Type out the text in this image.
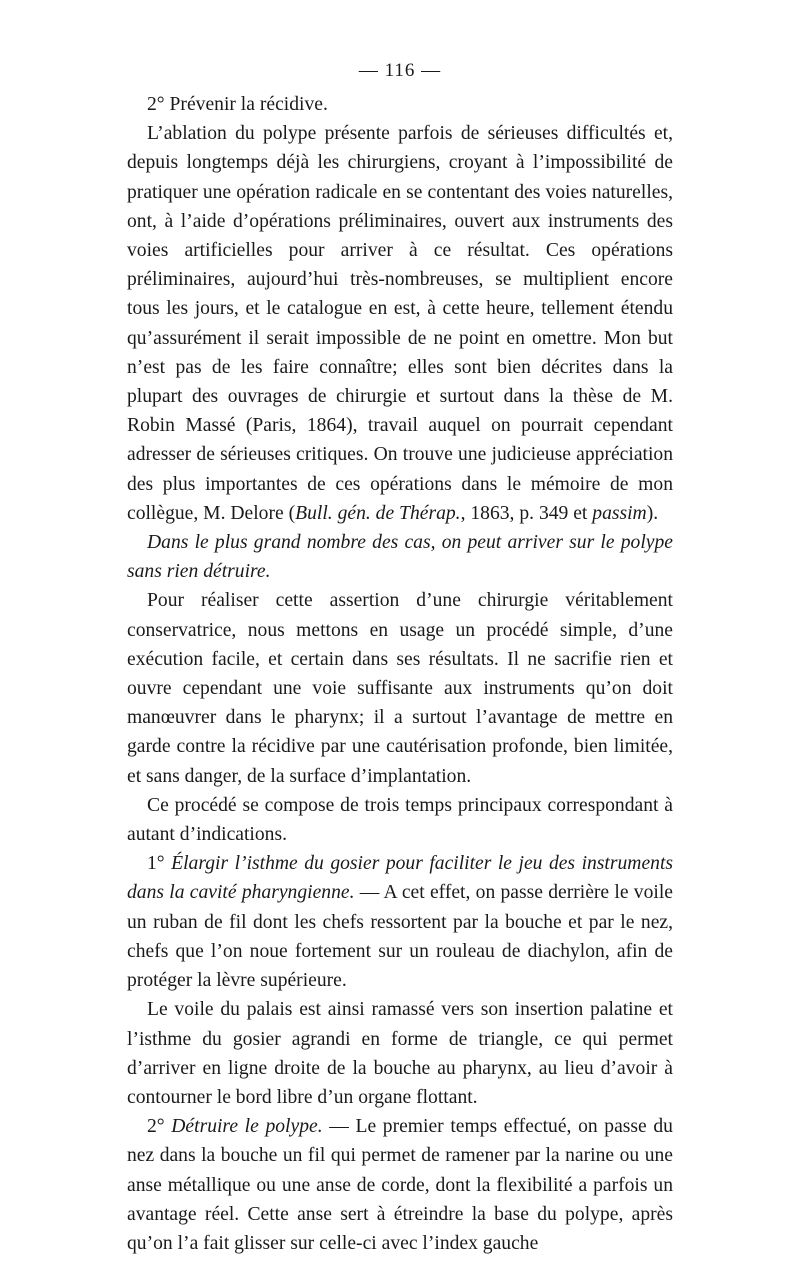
— 116 —

2° Prévenir la récidive.

L’ablation du polype présente parfois de sérieuses difficultés et, depuis longtemps déjà les chirurgiens, croyant à l’impossibilité de pratiquer une opération radicale en se contentant des voies naturelles, ont, à l’aide d’opérations préliminaires, ouvert aux instruments des voies artificielles pour arriver à ce résultat. Ces opérations préliminaires, aujourd’hui très-nombreuses, se multiplient encore tous les jours, et le catalogue en est, à cette heure, tellement étendu qu’assurément il serait impossible de ne point en omettre. Mon but n’est pas de les faire connaître; elles sont bien décrites dans la plupart des ouvrages de chirurgie et surtout dans la thèse de M. Robin Massé (Paris, 1864), travail auquel on pourrait cependant adresser de sérieuses critiques. On trouve une judicieuse appréciation des plus importantes de ces opérations dans le mémoire de mon collègue, M. Delore (Bull. gén. de Thérap., 1863, p. 349 et passim).

Dans le plus grand nombre des cas, on peut arriver sur le polype sans rien détruire.

Pour réaliser cette assertion d’une chirurgie véritablement conservatrice, nous mettons en usage un procédé simple, d’une exécution facile, et certain dans ses résultats. Il ne sacrifie rien et ouvre cependant une voie suffisante aux instruments qu’on doit manœuvrer dans le pharynx; il a surtout l’avantage de mettre en garde contre la récidive par une cautérisation profonde, bien limitée, et sans danger, de la surface d’implantation.

Ce procédé se compose de trois temps principaux correspondant à autant d’indications.

1° Élargir l’isthme du gosier pour faciliter le jeu des instruments dans la cavité pharyngienne. — A cet effet, on passe derrière le voile un ruban de fil dont les chefs ressortent par la bouche et par le nez, chefs que l’on noue fortement sur un rouleau de diachylon, afin de protéger la lèvre supérieure.

Le voile du palais est ainsi ramassé vers son insertion palatine et l’isthme du gosier agrandi en forme de triangle, ce qui permet d’arriver en ligne droite de la bouche au pharynx, au lieu d’avoir à contourner le bord libre d’un organe flottant.

2° Détruire le polype. — Le premier temps effectué, on passe du nez dans la bouche un fil qui permet de ramener par la narine ou une anse métallique ou une anse de corde, dont la flexibilité a parfois un avantage réel. Cette anse sert à étreindre la base du polype, après qu’on l’a fait glisser sur celle-ci avec l’index gauche
